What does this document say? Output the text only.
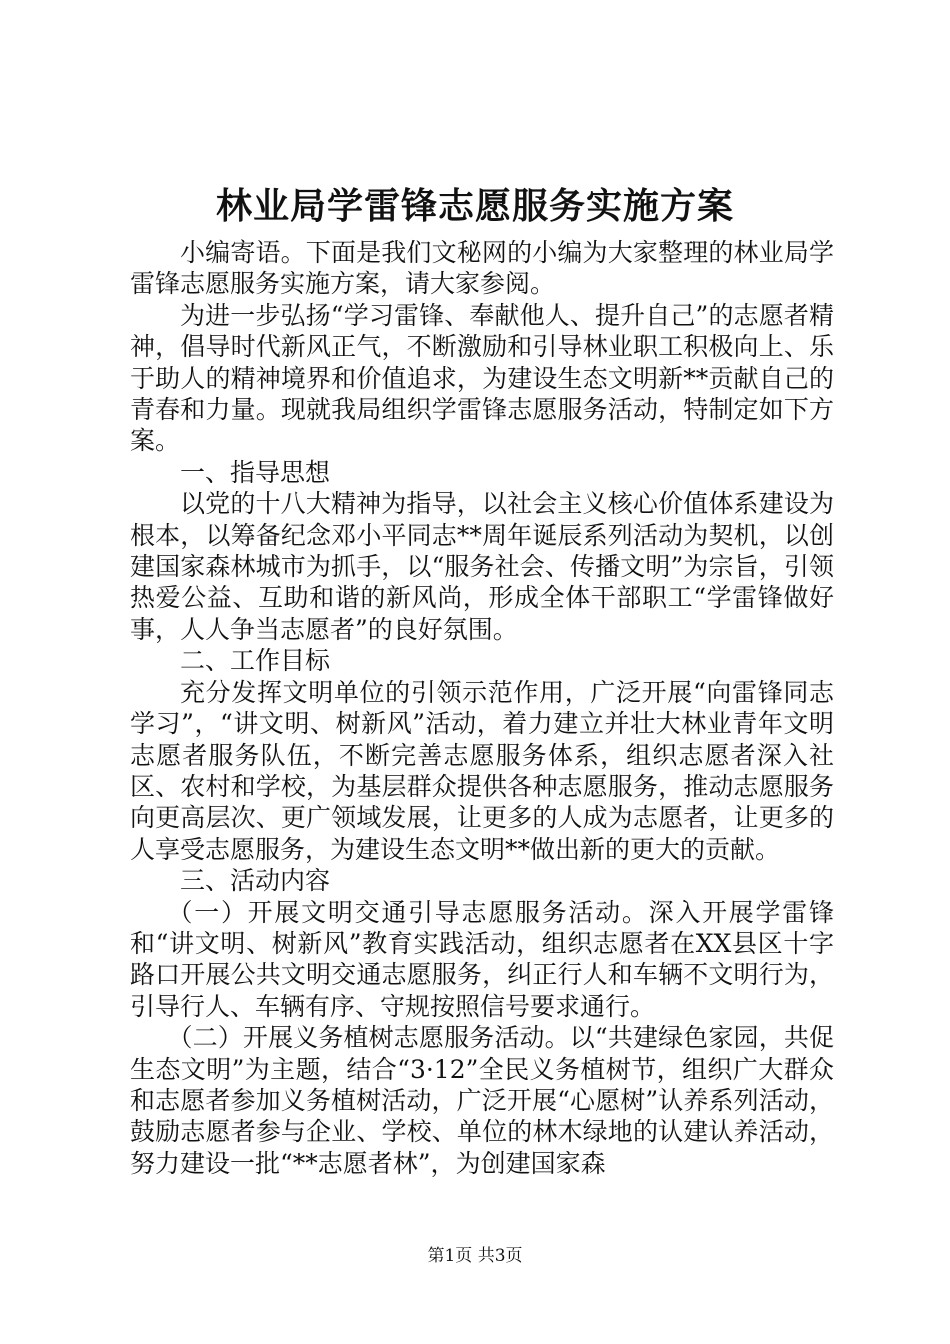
林业局学雷锋志愿服务实施方案

小编寄语。下面是我们文秘网的小编为大家整理的林业局学雷锋志愿服务实施方案，请大家参阅。

为进一步弘扬“学习雷锋、奉献他人、提升自己”的志愿者精神，倡导时代新风正气，不断激励和引导林业职工积极向上、乐于助人的精神境界和价值追求，为建设生态文明新**贡献自己的青春和力量。现就我局组织学雷锋志愿服务活动，特制定如下方案。

一、指导思想

以党的十八大精神为指导，以社会主义核心价值体系建设为根本，以筹备纪念邓小平同志**周年诞辰系列活动为契机，以创建国家森林城市为抓手，以“服务社会、传播文明”为宗旨，引领热爱公益、互助和谐的新风尚，形成全体干部职工“学雷锋做好事，人人争当志愿者”的良好氛围。

二、工作目标

充分发挥文明单位的引领示范作用，广泛开展“向雷锋同志学习”，“讲文明、树新风”活动，着力建立并壮大林业青年文明志愿者服务队伍，不断完善志愿服务体系，组织志愿者深入社区、农村和学校，为基层群众提供各种志愿服务，推动志愿服务向更高层次、更广领域发展，让更多的人成为志愿者，让更多的人享受志愿服务，为建设生态文明**做出新的更大的贡献。

三、活动内容

（一）开展文明交通引导志愿服务活动。深入开展学雷锋和“讲文明、树新风”教育实践活动，组织志愿者在XX县区十字路口开展公共文明交通志愿服务，纠正行人和车辆不文明行为，引导行人、车辆有序、守规按照信号要求通行。

（二）开展义务植树志愿服务活动。以“共建绿色家园，共促生态文明”为主题，结合“3·12”全民义务植树节，组织广大群众和志愿者参加义务植树活动，广泛开展“心愿树”认养系列活动，鼓励志愿者参与企业、学校、单位的林木绿地的认建认养活动，努力建设一批“**志愿者林”，为创建国家森

第1页 共3页
